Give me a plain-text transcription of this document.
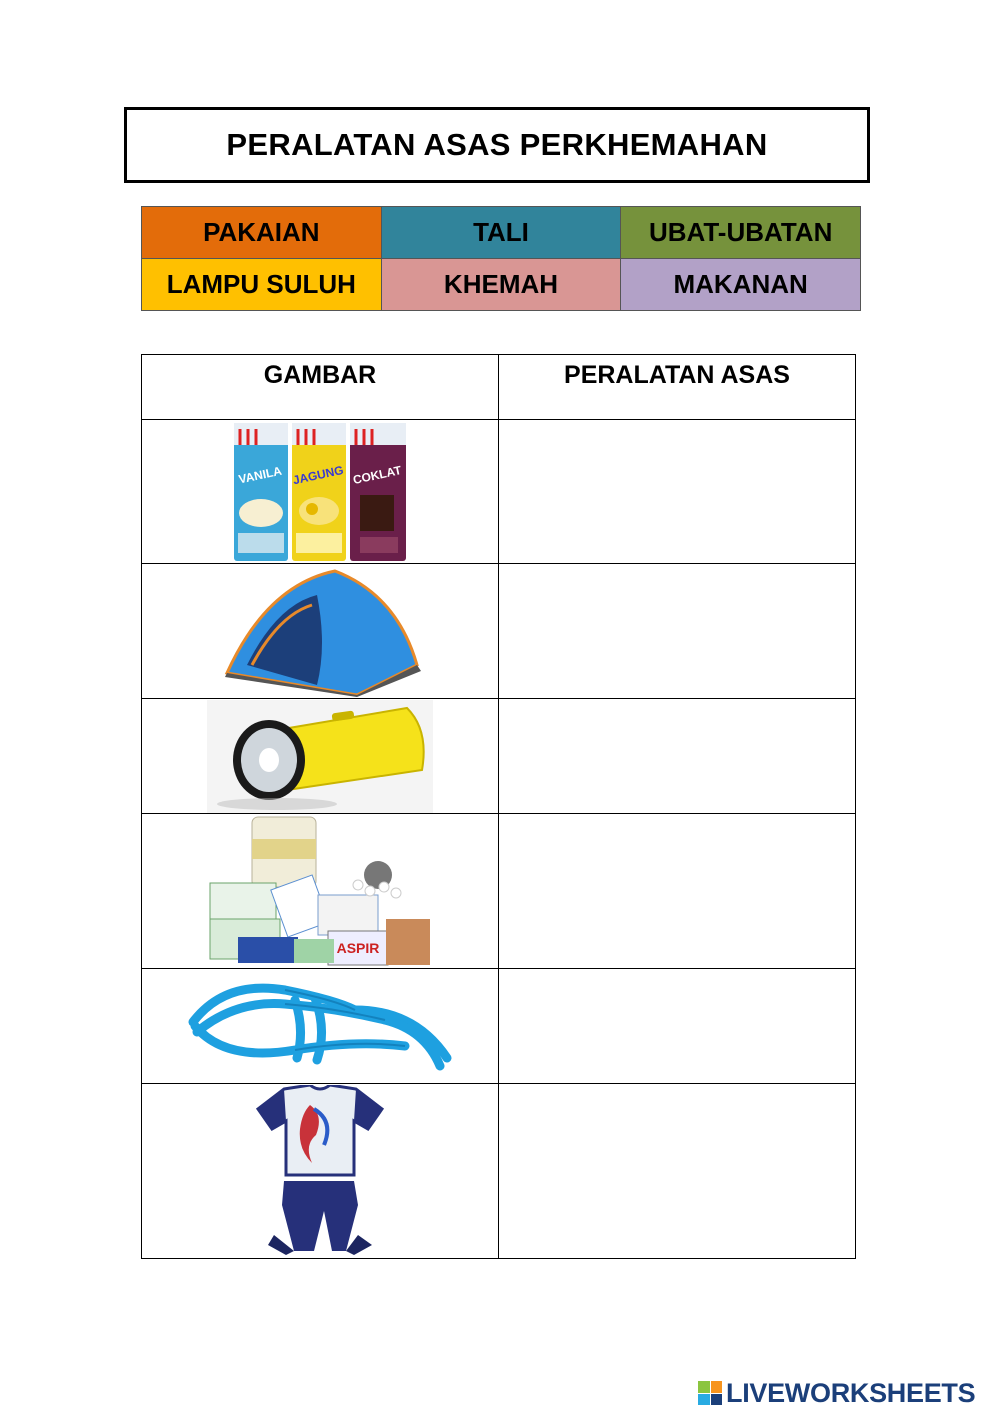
PERALATAN ASAS PERKHEMAHAN
PAKAIAN	TALI	UBAT-UBATAN
LAMPU SULUH	KHEMAH	MAKANAN
GAMBAR	PERALATAN ASAS

VANILA JAGUNG COKLAT	

ASPIR	

LIVEWORKSHEETS
